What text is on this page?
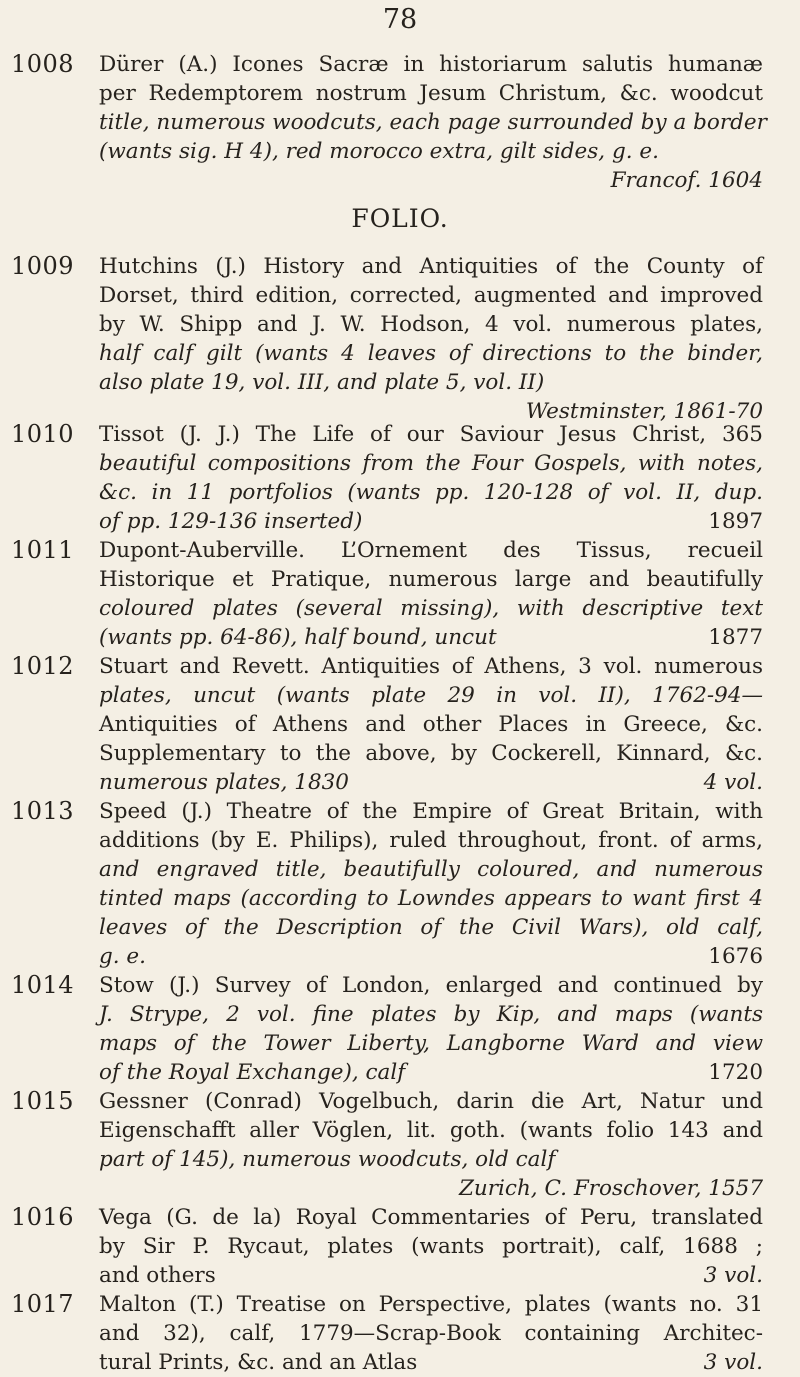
78
1008 Dürer (A.) Icones Sacræ in historiarum salutis humanæ
per Redemptorem nostrum Jesum Christum, &c. woodcut
title, numerous woodcuts, each page surrounded by a border
(wants sig. H 4), red morocco extra, gilt sides, g. e.
Francof. 1604
FOLIO.
1009 Hutchins (J.) History and Antiquities of the County of
Dorset, third edition, corrected, augmented and improved
by W. Shipp and J. W. Hodson, 4 vol. numerous plates,
half calf gilt (wants 4 leaves of directions to the binder,
also plate 19, vol. III, and plate 5, vol. II)
Westminster, 1861-70
1010 Tissot (J. J.) The Life of our Saviour Jesus Christ, 365
beautiful compositions from the Four Gospels, with notes,
&c. in 11 portfolios (wants pp. 120-128 of vol. II, dup.
of pp. 129-136 inserted)	1897
1011 Dupont-Auberville. L’Ornement des Tissus, recueil
Historique et Pratique, numerous large and beautifully
coloured plates (several missing), with descriptive text
(wants pp. 64-86), half bound, uncut	1877
1012 Stuart and Revett. Antiquities of Athens, 3 vol. numerous
plates, uncut (wants plate 29 in vol. II), 1762-94—
Antiquities of Athens and other Places in Greece, &c.
Supplementary to the above, by Cockerell, Kinnard, &c.
numerous plates, 1830	4 vol.
1013 Speed (J.) Theatre of the Empire of Great Britain, with
additions (by E. Philips), ruled throughout, front. of arms,
and engraved title, beautifully coloured, and numerous
tinted maps (according to Lowndes appears to want first 4
leaves of the Description of the Civil Wars), old calf,
g. e.	1676
1014 Stow (J.) Survey of London, enlarged and continued by
J. Strype, 2 vol. fine plates by Kip, and maps (wants
maps of the Tower Liberty, Langborne Ward and view
of the Royal Exchange), calf	1720
1015 Gessner (Conrad) Vogelbuch, darin die Art, Natur und
Eigenschafft aller Vöglen, lit. goth. (wants folio 143 and
part of 145), numerous woodcuts, old calf
Zurich, C. Froschover, 1557
1016 Vega (G. de la) Royal Commentaries of Peru, translated
by Sir P. Rycaut, plates (wants portrait), calf, 1688 ;
and others	3 vol.
1017 Malton (T.) Treatise on Perspective, plates (wants no. 31
and 32), calf, 1779—Scrap-Book containing Architec-
tural Prints, &c. and an Atlas	3 vol.
